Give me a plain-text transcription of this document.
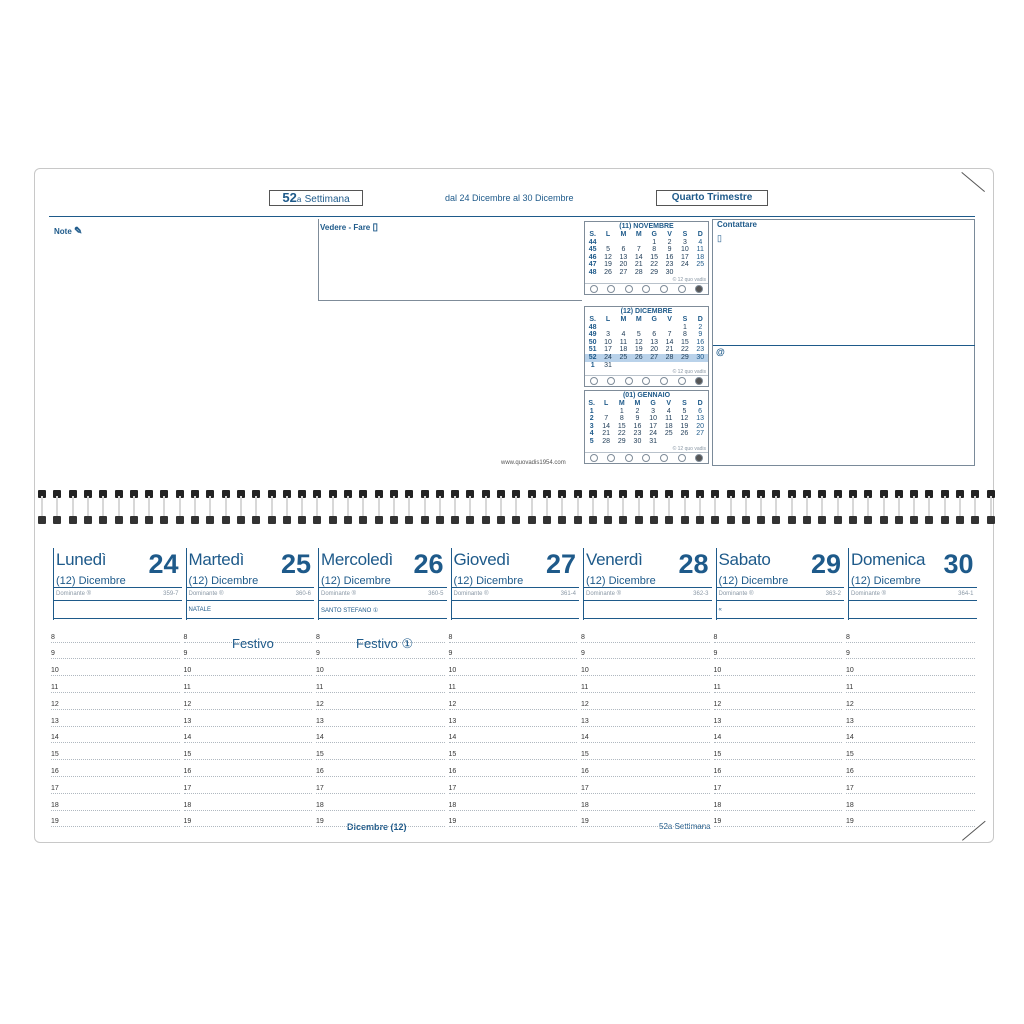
52a Settimana	dal 24 Dicembre al 30 Dicembre	Quarto Trimestre
Note ✎	Vedere - Fare ▯	(11) NOVEMBRE
S.	L	M	M	G	V	S	D
44				1	2	3	4
45	5	6	7	8	9	10	11
46	12	13	14	15	16	17	18
47	19	20	21	22	23	24	25
48	26	27	28	29	30		
© 12 quo vadis
(12) DICEMBRE
S.	L	M	M	G	V	S	D
48						1	2
49	3	4	5	6	7	8	9
50	10	11	12	13	14	15	16
51	17	18	19	20	21	22	23
52	24	25	26	27	28	29	30
1	31						
© 12 quo vadis
(01) GENNAIO
S.	L	M	M	G	V	S	D
1		1	2	3	4	5	6
2	7	8	9	10	11	12	13
3	14	15	16	17	18	19	20
4	21	22	23	24	25	26	27
5	28	29	30	31			
© 12 quo vadis
Contattare
▯
@
www.quovadis1954.com
Dicembre (12)	52a Settimana
Lunedì 24
(12) Dicembre
Dominante ®	359-7
8
9
10
11
12
13
14
15
16
17
18
19
Martedì 25
(12) Dicembre
Dominante ®	360-6
NATALE
8
9
10
11
12
13
14
15
16
17
18
19
Mercoledì 26
(12) Dicembre
Dominante ®	360-5
SANTO STEFANO ①
8
9
10
11
12
13
14
15
16
17
18
19
Giovedì 27
(12) Dicembre
Dominante ®	361-4
8
9
10
11
12
13
14
15
16
17
18
19
Venerdì 28
(12) Dicembre
Dominante ®	362-3
8
9
10
11
12
13
14
15
16
17
18
19
Sabato 29
(12) Dicembre
Dominante ®	363-2
«
8
9
10
11
12
13
14
15
16
17
18
19
Domenica 30
(12) Dicembre
Dominante ®	364-1
8
9
10
11
12
13
14
15
16
17
18
19
Festivo	Festivo ①
